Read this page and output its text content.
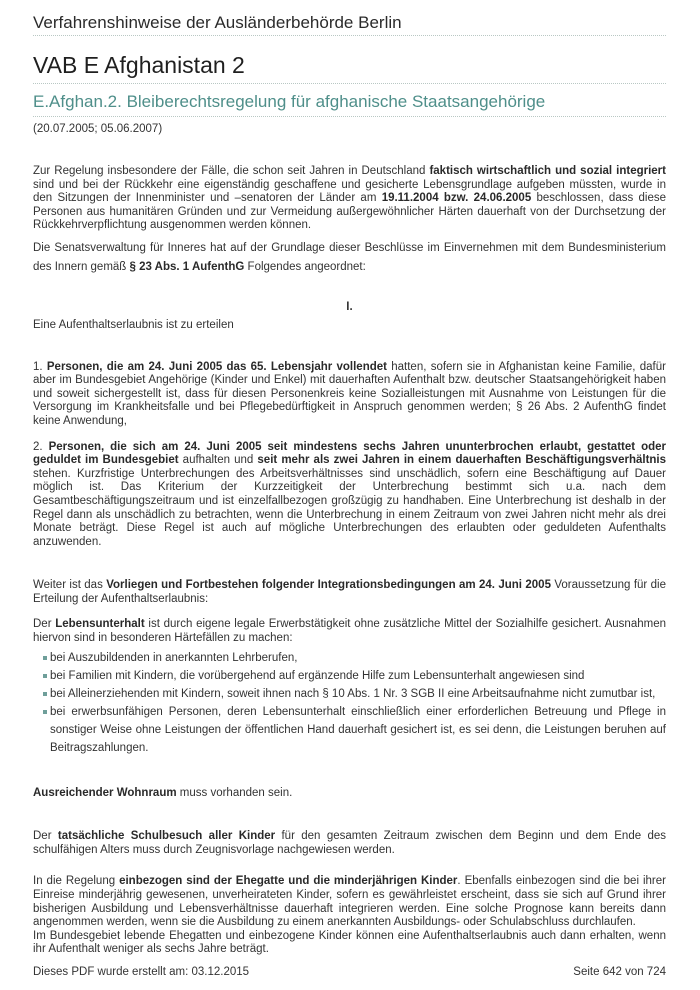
Verfahrenshinweise der Ausländerbehörde Berlin
VAB E Afghanistan 2
E.Afghan.2. Bleiberechtsregelung für afghanische Staatsangehörige
(20.07.2005; 05.06.2007)

Zur Regelung insbesondere der Fälle, die schon seit Jahren in Deutschland faktisch wirtschaftlich und sozial integriert sind und bei der Rückkehr eine eigenständig geschaffene und gesicherte Lebensgrundlage aufgeben müssten, wurde in den Sitzungen der Innenminister und –senatoren der Länder am 19.11.2004 bzw. 24.06.2005 beschlossen, dass diese Personen aus humanitären Gründen und zur Vermeidung außergewöhnlicher Härten dauerhaft von der Durchsetzung der Rückkehrverpflichtung ausgenommen werden können.

Die Senatsverwaltung für Inneres hat auf der Grundlage dieser Beschlüsse im Einvernehmen mit dem Bundesministerium des Innern gemäß § 23 Abs. 1 AufenthG Folgendes angeordnet:

I.

Eine Aufenthaltserlaubnis ist zu erteilen

1. Personen, die am 24. Juni 2005 das 65. Lebensjahr vollendet hatten, sofern sie in Afghanistan keine Familie, dafür aber im Bundesgebiet Angehörige (Kinder und Enkel) mit dauerhaften Aufenthalt bzw. deutscher Staatsangehörigkeit haben und soweit sichergestellt ist, dass für diesen Personenkreis keine Sozialleistungen mit Ausnahme von Leistungen für die Versorgung im Krankheitsfalle und bei Pflegebedürftigkeit in Anspruch genommen werden; § 26 Abs. 2 AufenthG findet keine Anwendung,

2. Personen, die sich am 24. Juni 2005 seit mindestens sechs Jahren ununterbrochen erlaubt, gestattet oder geduldet im Bundesgebiet aufhalten und seit mehr als zwei Jahren in einem dauerhaften Beschäftigungsverhältnis stehen. Kurzfristige Unterbrechungen des Arbeitsverhältnisses sind unschädlich, sofern eine Beschäftigung auf Dauer möglich ist. Das Kriterium der Kurzzeitigkeit der Unterbrechung bestimmt sich u.a. nach dem Gesamtbeschäftigungszeitraum und ist einzelfallbezogen großzügig zu handhaben. Eine Unterbrechung ist deshalb in der Regel dann als unschädlich zu betrachten, wenn die Unterbrechung in einem Zeitraum von zwei Jahren nicht mehr als drei Monate beträgt. Diese Regel ist auch auf mögliche Unterbrechungen des erlaubten oder geduldeten Aufenthalts anzuwenden.

Weiter ist das Vorliegen und Fortbestehen folgender Integrationsbedingungen am 24. Juni 2005 Voraussetzung für die Erteilung der Aufenthaltserlaubnis:

Der Lebensunterhalt ist durch eigene legale Erwerbstätigkeit ohne zusätzliche Mittel der Sozialhilfe gesichert. Ausnahmen hiervon sind in besonderen Härtefällen zu machen:

bei Auszubildenden in anerkannten Lehrberufen,
bei Familien mit Kindern, die vorübergehend auf ergänzende Hilfe zum Lebensunterhalt angewiesen sind
bei Alleinerziehenden mit Kindern, soweit ihnen nach § 10 Abs. 1 Nr. 3 SGB II eine Arbeitsaufnahme nicht zumutbar ist,
bei erwerbsunfähigen Personen, deren Lebensunterhalt einschließlich einer erforderlichen Betreuung und Pflege in sonstiger Weise ohne Leistungen der öffentlichen Hand dauerhaft gesichert ist, es sei denn, die Leistungen beruhen auf Beitragszahlungen.

Ausreichender Wohnraum muss vorhanden sein.

Der tatsächliche Schulbesuch aller Kinder für den gesamten Zeitraum zwischen dem Beginn und dem Ende des schulfähigen Alters muss durch Zeugnisvorlage nachgewiesen werden.

In die Regelung einbezogen sind der Ehegatte und die minderjährigen Kinder. Ebenfalls einbezogen sind die bei ihrer Einreise minderjährig gewesenen, unverheirateten Kinder, sofern es gewährleistet erscheint, dass sie sich auf Grund ihrer bisherigen Ausbildung und Lebensverhältnisse dauerhaft integrieren werden. Eine solche Prognose kann bereits dann angenommen werden, wenn sie die Ausbildung zu einem anerkannten Ausbildungs- oder Schulabschluss durchlaufen.
Im Bundesgebiet lebende Ehegatten und einbezogene Kinder können eine Aufenthaltserlaubnis auch dann erhalten, wenn ihr Aufenthalt weniger als sechs Jahre beträgt.

Dieses PDF wurde erstellt am: 03.12.2015	Seite 642 von 724
